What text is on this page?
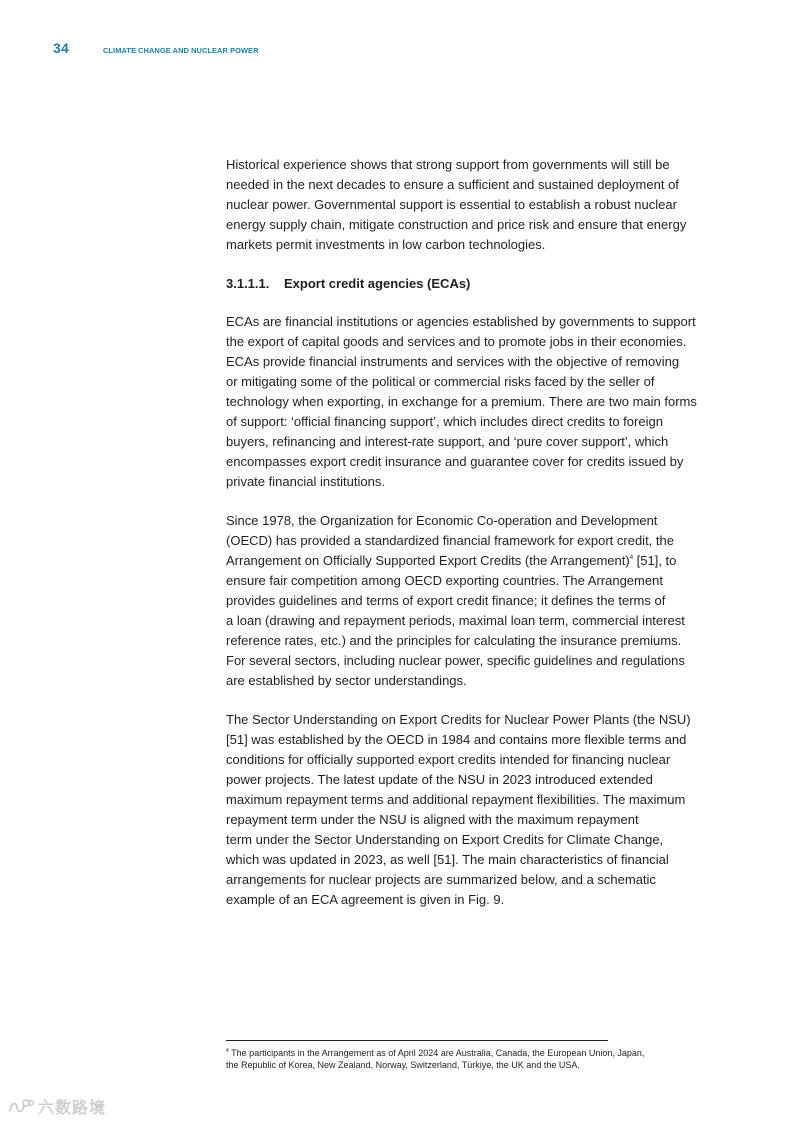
34	CLIMATE CHANGE AND NUCLEAR POWER

Historical experience shows that strong support from governments will still be
needed in the next decades to ensure a sufficient and sustained deployment of
nuclear power. Governmental support is essential to establish a robust nuclear
energy supply chain, mitigate construction and price risk and ensure that energy
markets permit investments in low carbon technologies.

3.1.1.1. Export credit agencies (ECAs)

ECAs are financial institutions or agencies established by governments to support
the export of capital goods and services and to promote jobs in their economies.
ECAs provide financial instruments and services with the objective of removing
or mitigating some of the political or commercial risks faced by the seller of
technology when exporting, in exchange for a premium. There are two main forms
of support: ‘official financing support’, which includes direct credits to foreign
buyers, refinancing and interest-rate support, and ‘pure cover support’, which
encompasses export credit insurance and guarantee cover for credits issued by
private financial institutions.

Since 1978, the Organization for Economic Co-operation and Development
(OECD) has provided a standardized financial framework for export credit, the
Arrangement on Officially Supported Export Credits (the Arrangement)$^4$ [51], to
ensure fair competition among OECD exporting countries. The Arrangement
provides guidelines and terms of export credit finance; it defines the terms of
a loan (drawing and repayment periods, maximal loan term, commercial interest
reference rates, etc.) and the principles for calculating the insurance premiums.
For several sectors, including nuclear power, specific guidelines and regulations
are established by sector understandings.

The Sector Understanding on Export Credits for Nuclear Power Plants (the NSU)
[51] was established by the OECD in 1984 and contains more flexible terms and
conditions for officially supported export credits intended for financing nuclear
power projects. The latest update of the NSU in 2023 introduced extended
maximum repayment terms and additional repayment flexibilities. The maximum
repayment term under the NSU is aligned with the maximum repayment
term under the Sector Understanding on Export Credits for Climate Change,
which was updated in 2023, as well [51]. The main characteristics of financial
arrangements for nuclear projects are summarized below, and a schematic
example of an ECA agreement is given in Fig. 9.

$^4$ The participants in the Arrangement as of April 2024 are Australia, Canada, the European Union, Japan,
the Republic of Korea, New Zealand, Norway, Switzerland, Türkiye, the UK and the USA.
六数路境
